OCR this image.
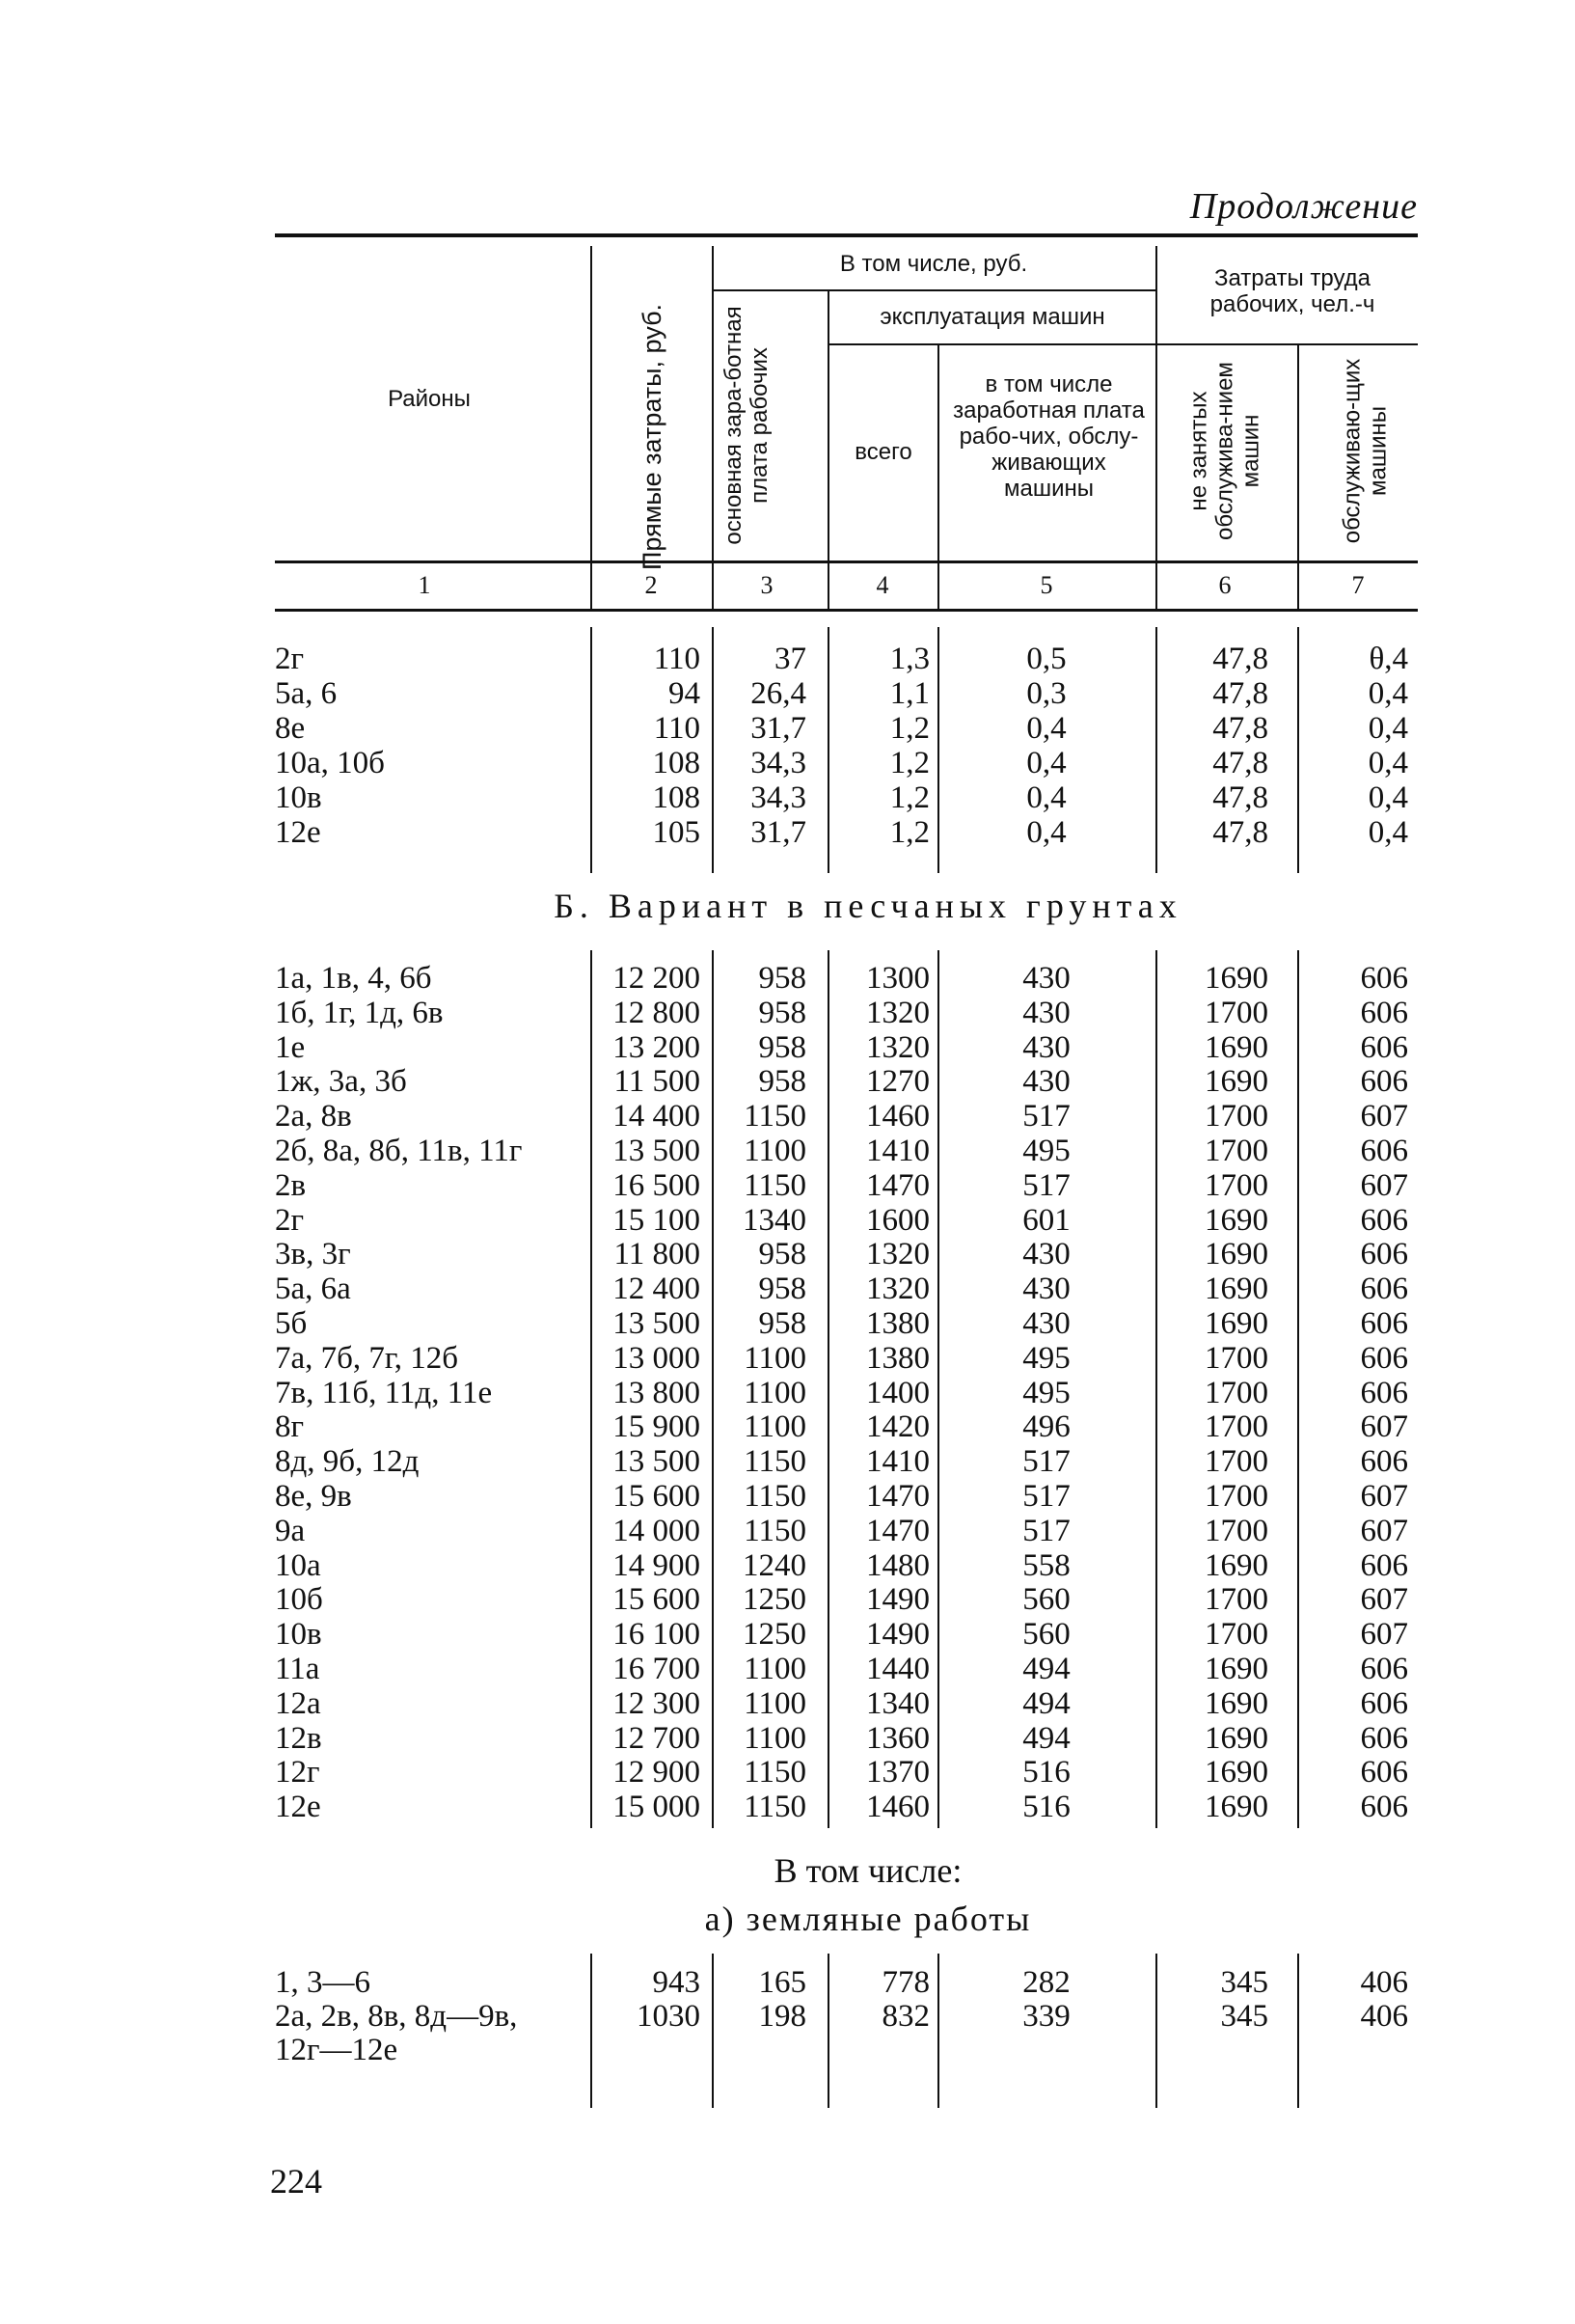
Продолжение
Районы	Прямые затраты, руб.
В том числе, руб.
основная зара-ботная плата рабочих
эксплуатация машин
всего
в том числе заработная плата рабо-чих, обслу-живающих машины
Затраты труда рабочих, чел.-ч
не занятых обслужива-нием машин	обслуживаю-щих машины
1	2	3	4	5	6	7
2г	110	37	1,3	0,5	47,8	θ,4
5а, 6	94	26,4	1,1	0,3	47,8	0,4
8е	110	31,7	1,2	0,4	47,8	0,4
10а, 10б	108	34,3	1,2	0,4	47,8	0,4
10в	108	34,3	1,2	0,4	47,8	0,4
12е	105	31,7	1,2	0,4	47,8	0,4
1а, 1в, 4, 6б	12 200	958	1300	430	1690	606
1б, 1г, 1д, 6в	12 800	958	1320	430	1700	606
1е	13 200	958	1320	430	1690	606
1ж, 3а, 3б	11 500	958	1270	430	1690	606
2а, 8в	14 400	1150	1460	517	1700	607
2б, 8а, 8б, 11в, 11г	13 500	1100	1410	495	1700	606
2в	16 500	1150	1470	517	1700	607
2г	15 100	1340	1600	601	1690	606
3в, 3г	11 800	958	1320	430	1690	606
5а, 6а	12 400	958	1320	430	1690	606
5б	13 500	958	1380	430	1690	606
7а, 7б, 7г, 12б	13 000	1100	1380	495	1700	606
7в, 11б, 11д, 11е	13 800	1100	1400	495	1700	606
8г	15 900	1100	1420	496	1700	607
8д, 9б, 12д	13 500	1150	1410	517	1700	606
8е, 9в	15 600	1150	1470	517	1700	607
9а	14 000	1150	1470	517	1700	607
10а	14 900	1240	1480	558	1690	606
10б	15 600	1250	1490	560	1700	607
10в	16 100	1250	1490	560	1700	607
11а	16 700	1100	1440	494	1690	606
12а	12 300	1100	1340	494	1690	606
12в	12 700	1100	1360	494	1690	606
12г	12 900	1150	1370	516	1690	606
12е	15 000	1150	1460	516	1690	606
1, 3—6	943	165	778	282	345	406
2а, 2в, 8в, 8д—9в,	1030	198	832	339	345	406
12г—12е
Б. Вариант в песчаных грунтах
В том числе:
а) земляные работы
224
